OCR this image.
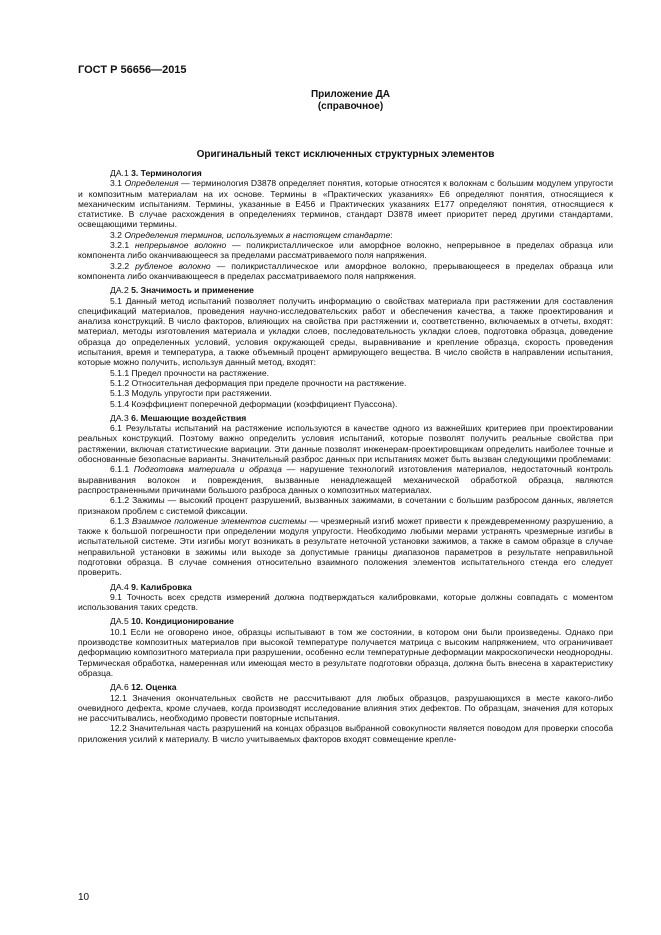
ГОСТ Р 56656—2015
Приложение ДА
(справочное)
Оригинальный текст исключенных структурных элементов

ДА.1 3. Терминология

3.1 Определения — терминология D3878 определяет понятия, которые относятся к волокнам с большим модулем упругости и композитным материалам на их основе. Термины в «Практических указаниях» E6 определяют понятия, относящиеся к механическим испытаниям. Термины, указанные в E456 и Практических указаниях E177 определяют понятия, относящиеся к статистике. В случае расхождения в определениях терминов, стандарт D3878 имеет приоритет перед другими стандартами, освещающими термины.

3.2 Определения терминов, используемых в настоящем стандарте:

3.2.1 непрерывное волокно — поликристаллическое или аморфное волокно, непрерывное в пределах образца или компонента либо оканчивающееся за пределами рассматриваемого поля напряжения.

3.2.2 рубленое волокно — поликристаллическое или аморфное волокно, прерывающееся в пределах образца или компонента либо оканчивающееся в пределах рассматриваемого поля напряжения.

ДА.2 5. Значимость и применение

5.1 Данный метод испытаний позволяет получить информацию о свойствах материала при растяжении для составления спецификаций материалов, проведения научно-исследовательских работ и обеспечения качества, а также проектирования и анализа конструкций. В число факторов, влияющих на свойства при растяжении и, соответственно, включаемых в отчеты, входят: материал, методы изготовления материала и укладки слоев, последовательность укладки слоев, подготовка образца, доведение образца до определенных условий, условия окружающей среды, выравнивание и крепление образца, скорость проведения испытания, время и температура, а также объемный процент армирующего вещества. В число свойств в направлении испытания, которые можно получить, используя данный метод, входят:

5.1.1 Предел прочности на растяжение.

5.1.2 Относительная деформация при пределе прочности на растяжение.

5.1.3 Модуль упругости при растяжении.

5.1.4 Коэффициент поперечной деформации (коэффициент Пуассона).

ДА.3 6. Мешающие воздействия

6.1 Результаты испытаний на растяжение используются в качестве одного из важнейших критериев при проектировании реальных конструкций. Поэтому важно определить условия испытаний, которые позволят получить реальные свойства при растяжении, включая статистические вариации. Эти данные позволят инженерам-проектировщикам определить наиболее точные и обоснованные безопасные варианты. Значительный разброс данных при испытаниях может быть вызван следующими проблемами:

6.1.1 Подготовка материала и образца — нарушение технологий изготовления материалов, недостаточный контроль выравнивания волокон и повреждения, вызванные ненадлежащей механической обработкой образца, являются распространенными причинами большого разброса данных о композитных материалах.

6.1.2 Зажимы — высокий процент разрушений, вызванных зажимами, в сочетании с большим разбросом данных, является признаком проблем с системой фиксации.

6.1.3 Взаимное положение элементов системы — чрезмерный изгиб может привести к преждевременному разрушению, а также к большой погрешности при определении модуля упругости. Необходимо любыми мерами устранять чрезмерные изгибы в испытательной системе. Эти изгибы могут возникать в результате неточной установки зажимов, а также в самом образце в случае неправильной установки в зажимы или выходе за допустимые границы диапазонов параметров в результате неправильной подготовки образца. В случае сомнения относительно взаимного положения элементов испытательного стенда его следует проверить.

ДА.4 9. Калибровка

9.1 Точность всех средств измерений должна подтверждаться калибровками, которые должны совпадать с моментом использования таких средств.

ДА.5 10. Кондиционирование

10.1 Если не оговорено иное, образцы испытывают в том же состоянии, в котором они были произведены. Однако при производстве композитных материалов при высокой температуре получается матрица с высоким напряжением, что ограничивает деформацию композитного материала при разрушении, особенно если температурные деформации макроскопически неоднородны. Термическая обработка, намеренная или имеющая место в результате подготовки образца, должна быть внесена в характеристику образца.

ДА.6 12. Оценка

12.1 Значения окончательных свойств не рассчитывают для любых образцов, разрушающихся в месте какого-либо очевидного дефекта, кроме случаев, когда производят исследование влияния этих дефектов. По образцам, значения для которых не рассчитывались, необходимо провести повторные испытания.

12.2 Значительная часть разрушений на концах образцов выбранной совокупности является поводом для проверки способа приложения усилий к материалу. В число учитываемых факторов входят совмещение крепле-

10
